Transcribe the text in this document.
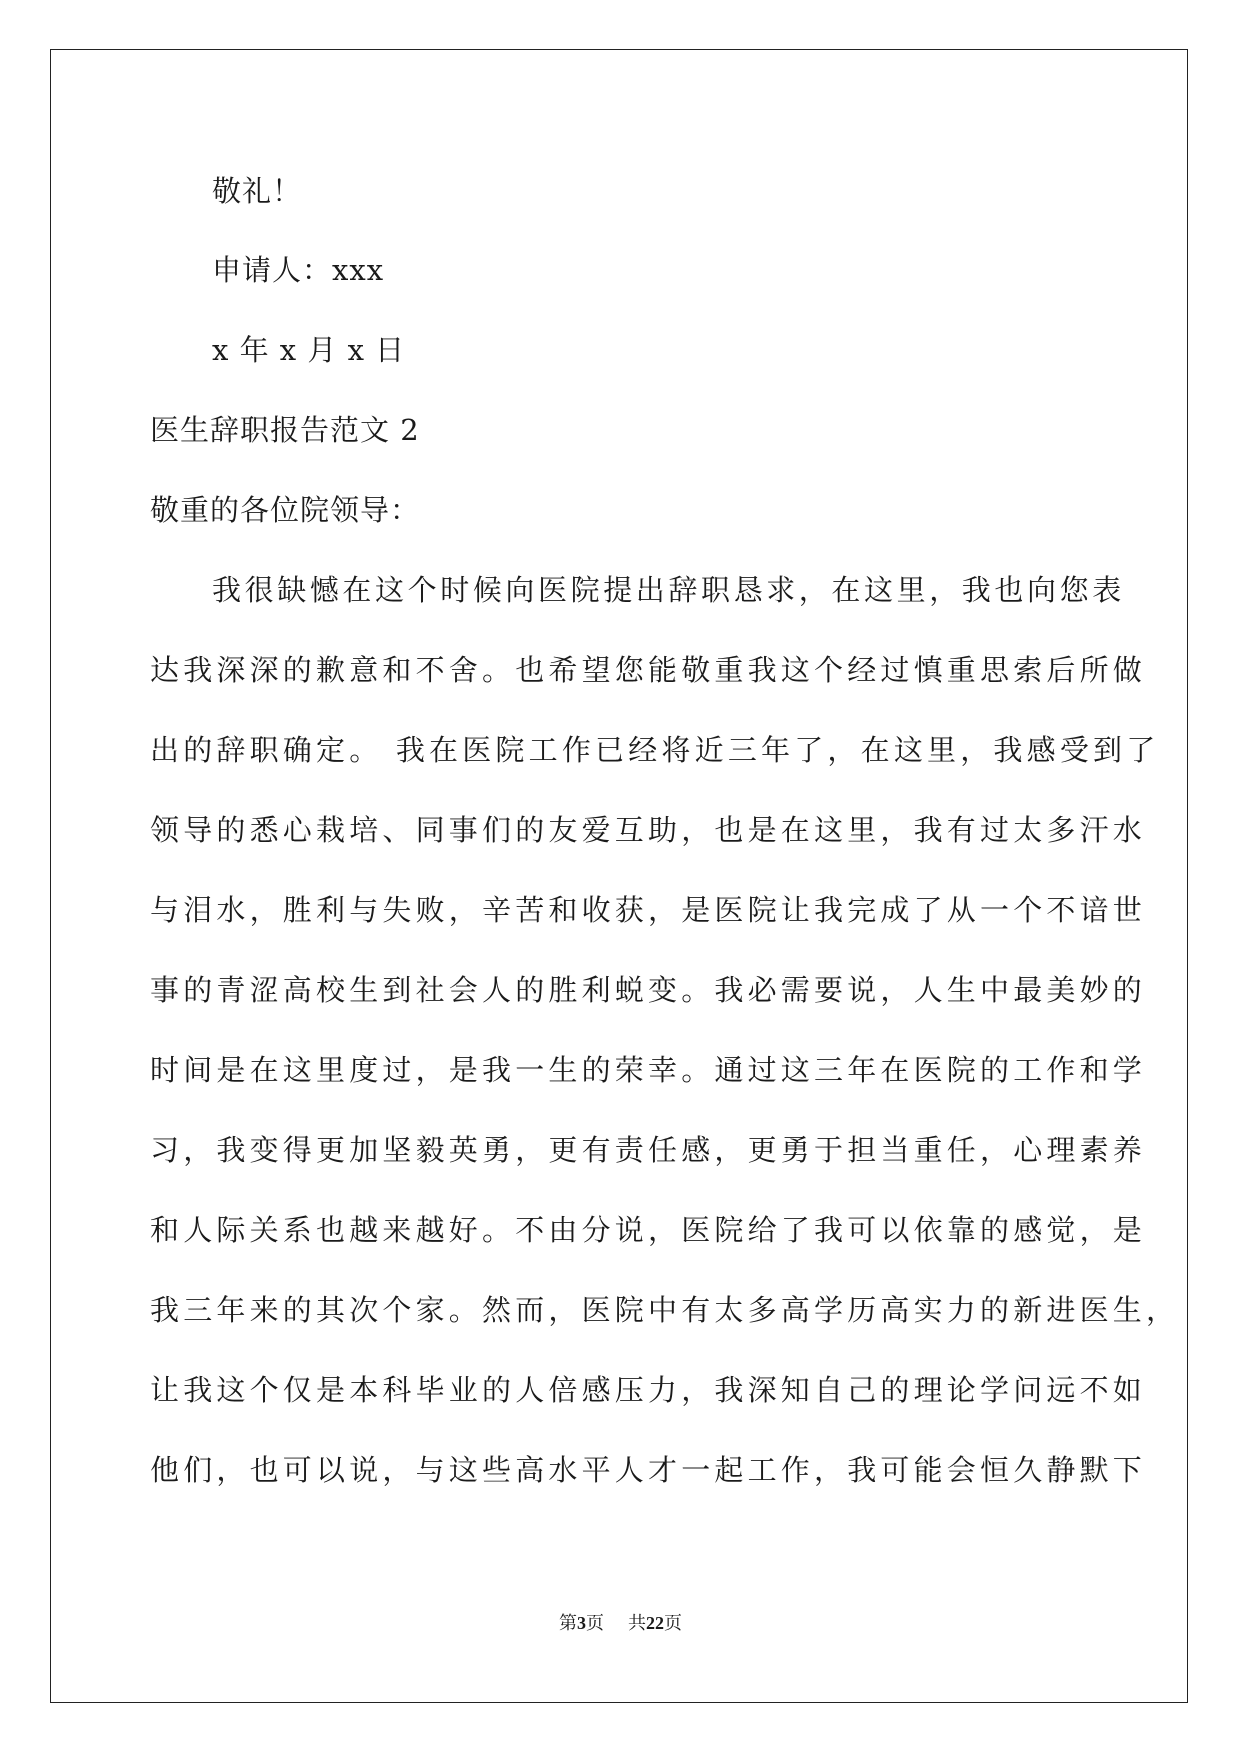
敬礼！
申请人：xxx
x 年 x 月 x 日
医生辞职报告范文 2
敬重的各位院领导：
我很缺憾在这个时候向医院提出辞职恳求，在这里，我也向您表
达我深深的歉意和不舍。也希望您能敬重我这个经过慎重思索后所做
出的辞职确定。 我在医院工作已经将近三年了，在这里，我感受到了
领导的悉心栽培、同事们的友爱互助，也是在这里，我有过太多汗水
与泪水，胜利与失败，辛苦和收获，是医院让我完成了从一个不谙世
事的青涩高校生到社会人的胜利蜕变。我必需要说，人生中最美妙的
时间是在这里度过，是我一生的荣幸。通过这三年在医院的工作和学
习，我变得更加坚毅英勇，更有责任感，更勇于担当重任，心理素养
和人际关系也越来越好。不由分说，医院给了我可以依靠的感觉，是
我三年来的其次个家。然而，医院中有太多高学历高实力的新进医生，
让我这个仅是本科毕业的人倍感压力，我深知自己的理论学问远不如
他们，也可以说，与这些高水平人才一起工作，我可能会恒久静默下
第3页 共22页
